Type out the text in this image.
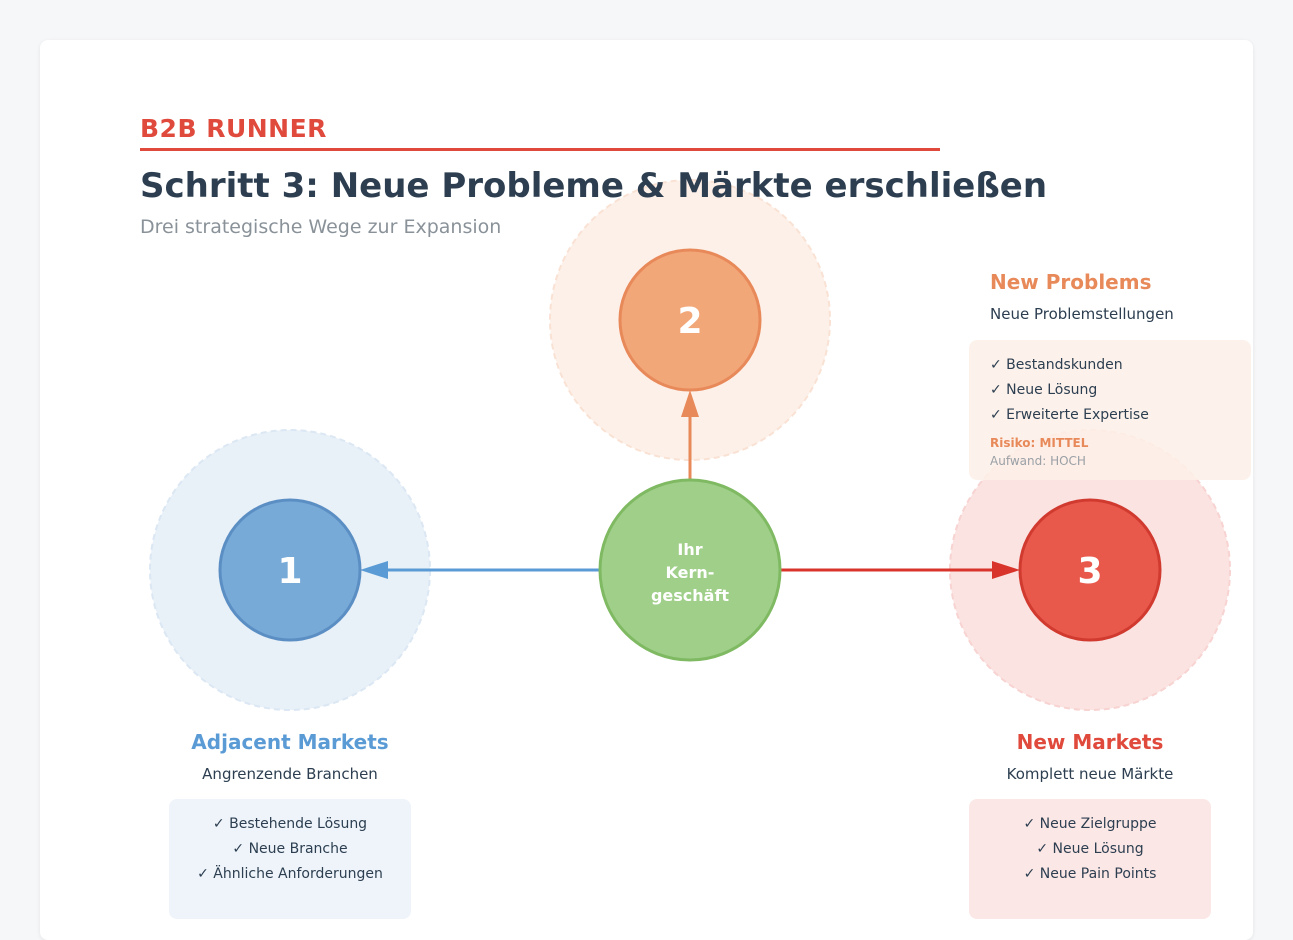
B2B RUNNER
Schritt 3: Neue Probleme & Märkte erschließen
Drei strategische Wege zur Expansion
1
2
3
Ihr
Kern-
geschäft
New Problems
Neue Problemstellungen
✓ Bestandskunden
✓ Neue Lösung
✓ Erweiterte Expertise
Risiko: MITTEL
Aufwand: HOCH
Adjacent Markets
Angrenzende Branchen
✓ Bestehende Lösung
✓ Neue Branche
✓ Ähnliche Anforderungen
New Markets
Komplett neue Märkte
✓ Neue Zielgruppe
✓ Neue Lösung
✓ Neue Pain Points
